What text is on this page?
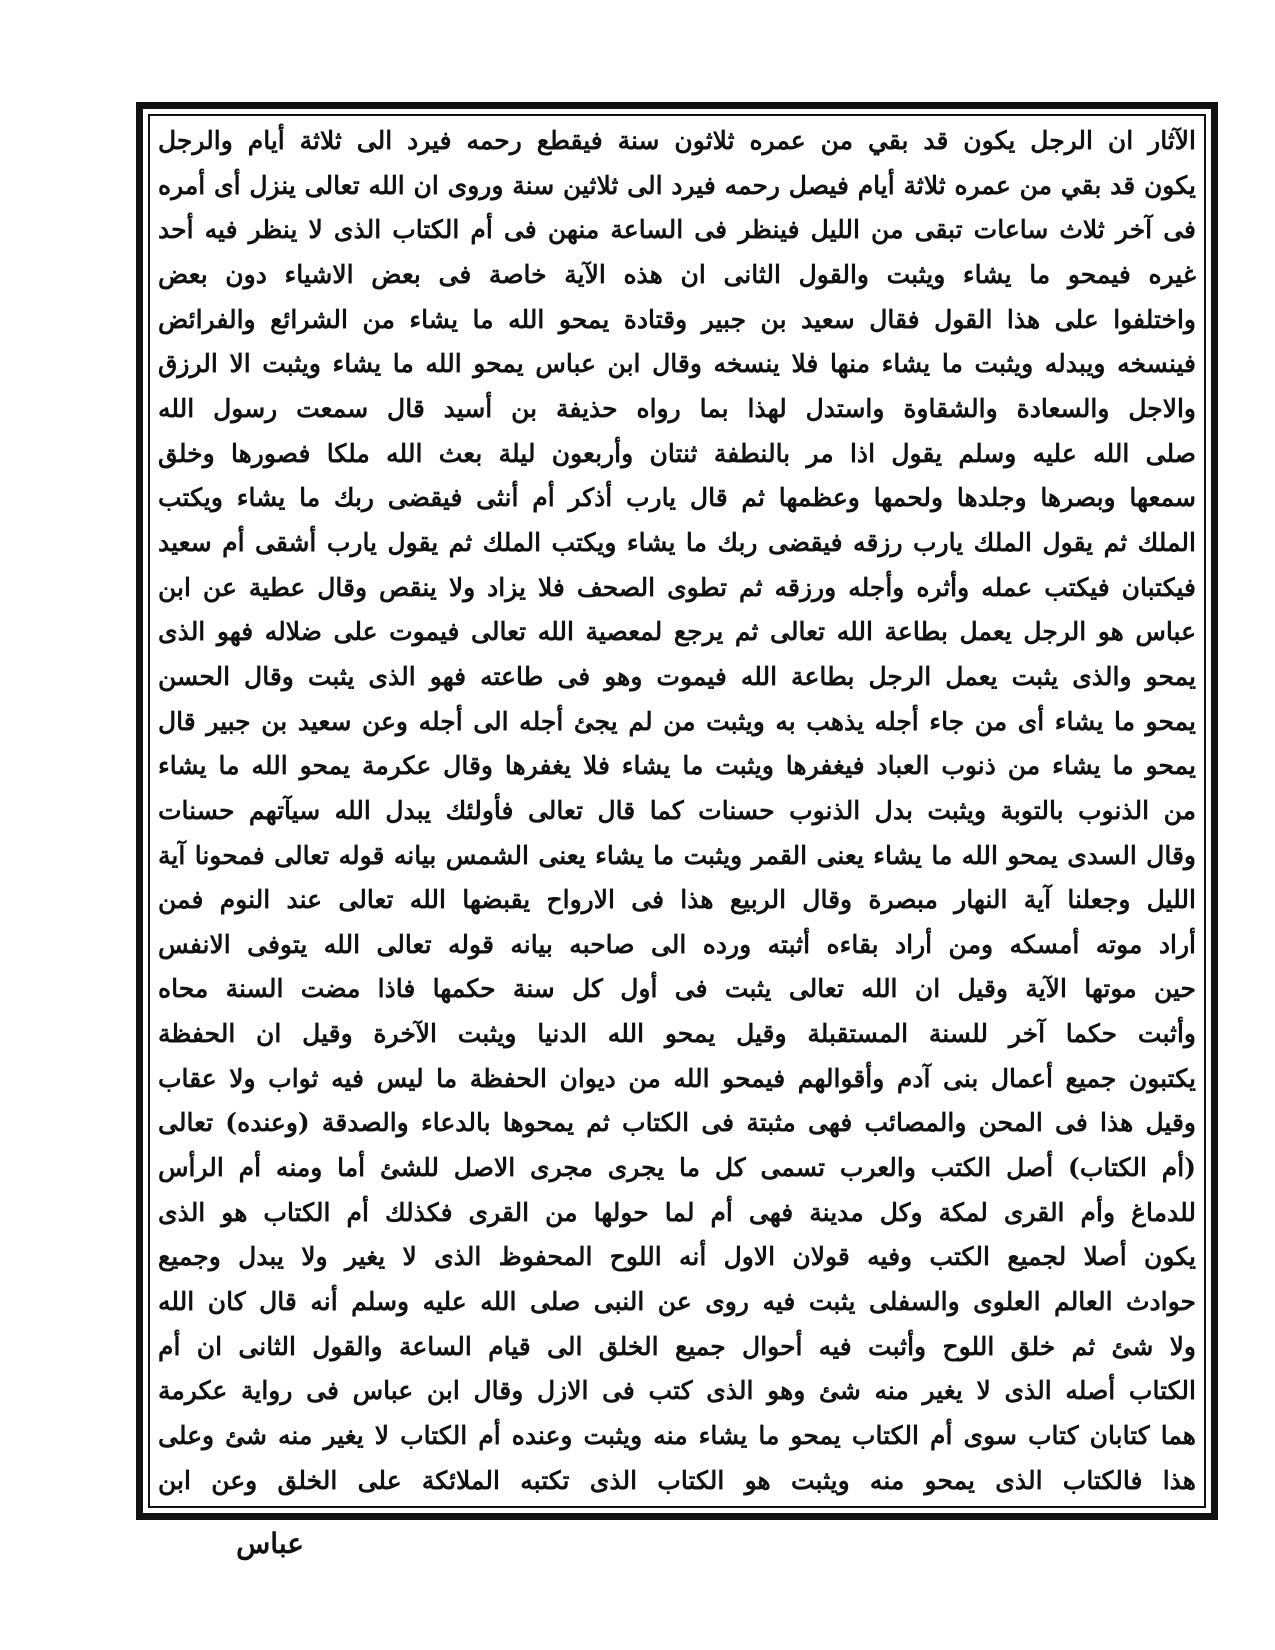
الآثار ان الرجل يكون قد بقي من عمره ثلاثون سنة فيقطع رحمه فيرد الى ثلاثة أيام والرجل
يكون قد بقي من عمره ثلاثة أيام فيصل رحمه فيرد الى ثلاثين سنة وروى ان الله تعالى ينزل أى أمره
فى آخر ثلاث ساعات تبقى من الليل فينظر فى الساعة منهن فى أم الكتاب الذى لا ينظر فيه أحد
غيره فيمحو ما يشاء ويثبت والقول الثانى ان هذه الآية خاصة فى بعض الاشياء دون بعض
واختلفوا على هذا القول فقال سعيد بن جبير وقتادة يمحو الله ما يشاء من الشرائع والفرائض
فينسخه ويبدله ويثبت ما يشاء منها فلا ينسخه وقال ابن عباس يمحو الله ما يشاء ويثبت الا الرزق
والاجل والسعادة والشقاوة واستدل لهذا بما رواه حذيفة بن أسيد قال سمعت رسول الله
صلى الله عليه وسلم يقول اذا مر بالنطفة ثنتان وأربعون ليلة بعث الله ملكا فصورها وخلق
سمعها وبصرها وجلدها ولحمها وعظمها ثم قال يارب أذكر أم أنثى فيقضى ربك ما يشاء ويكتب
الملك ثم يقول الملك يارب رزقه فيقضى ربك ما يشاء ويكتب الملك ثم يقول يارب أشقى أم سعيد
فيكتبان فيكتب عمله وأثره وأجله ورزقه ثم تطوى الصحف فلا يزاد ولا ينقص وقال عطية عن ابن
عباس هو الرجل يعمل بطاعة الله تعالى ثم يرجع لمعصية الله تعالى فيموت على ضلاله فهو الذى
يمحو والذى يثبت يعمل الرجل بطاعة الله فيموت وهو فى طاعته فهو الذى يثبت وقال الحسن
يمحو ما يشاء أى من جاء أجله يذهب به ويثبت من لم يجئ أجله الى أجله وعن سعيد بن جبير قال
يمحو ما يشاء من ذنوب العباد فيغفرها ويثبت ما يشاء فلا يغفرها وقال عكرمة يمحو الله ما يشاء
من الذنوب بالتوبة ويثبت بدل الذنوب حسنات كما قال تعالى فأولئك يبدل الله سيآتهم حسنات
وقال السدى يمحو الله ما يشاء يعنى القمر ويثبت ما يشاء يعنى الشمس بيانه قوله تعالى فمحونا آية
الليل وجعلنا آية النهار مبصرة وقال الربيع هذا فى الارواح يقبضها الله تعالى عند النوم فمن
أراد موته أمسكه ومن أراد بقاءه أثبته ورده الى صاحبه بيانه قوله تعالى الله يتوفى الانفس
حين موتها الآية وقيل ان الله تعالى يثبت فى أول كل سنة حكمها فاذا مضت السنة محاه
وأثبت حكما آخر للسنة المستقبلة وقيل يمحو الله الدنيا ويثبت الآخرة وقيل ان الحفظة
يكتبون جميع أعمال بنى آدم وأقوالهم فيمحو الله من ديوان الحفظة ما ليس فيه ثواب ولا عقاب
وقيل هذا فى المحن والمصائب فهى مثبتة فى الكتاب ثم يمحوها بالدعاء والصدقة (وعنده) تعالى
(أم الكتاب) أصل الكتب والعرب تسمى كل ما يجرى مجرى الاصل للشئ أما ومنه أم الرأس
للدماغ وأم القرى لمكة وكل مدينة فهى أم لما حولها من القرى فكذلك أم الكتاب هو الذى
يكون أصلا لجميع الكتب وفيه قولان الاول أنه اللوح المحفوظ الذى لا يغير ولا يبدل وجميع
حوادث العالم العلوى والسفلى يثبت فيه روى عن النبى صلى الله عليه وسلم أنه قال كان الله
ولا شئ ثم خلق اللوح وأثبت فيه أحوال جميع الخلق الى قيام الساعة والقول الثانى ان أم
الكتاب أصله الذى لا يغير منه شئ وهو الذى كتب فى الازل وقال ابن عباس فى رواية عكرمة
هما كتابان كتاب سوى أم الكتاب يمحو ما يشاء منه ويثبت وعنده أم الكتاب لا يغير منه شئ وعلى
هذا فالكتاب الذى يمحو منه ويثبت هو الكتاب الذى تكتبه الملائكة على الخلق وعن ابن
عباس
